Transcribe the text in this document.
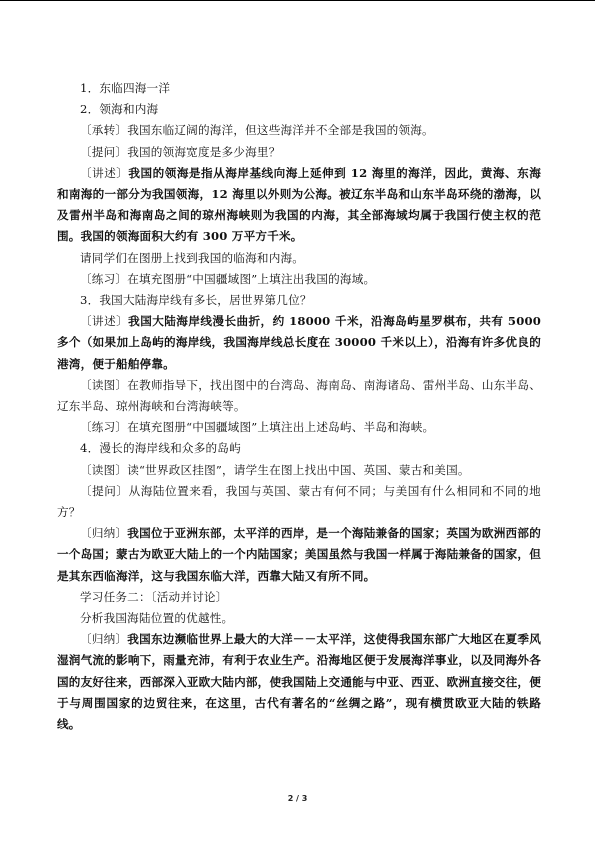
1．东临四海一洋

2．领海和内海

〔承转〕我国东临辽阔的海洋，但这些海洋并不全部是我国的领海。

〔提问〕我国的领海宽度是多少海里？

〔讲述〕我国的领海是指从海岸基线向海上延伸到 12 海里的海洋，因此，黄海、东海和南海的一部分为我国领海，12 海里以外则为公海。被辽东半岛和山东半岛环绕的渤海，以及雷州半岛和海南岛之间的琼州海峡则为我国的内海，其全部海域均属于我国行使主权的范围。我国的领海面积大约有 300 万平方千米。

请同学们在图册上找到我国的临海和内海。

〔练习〕在填充图册“中国疆域图”上填注出我国的海域。

3．我国大陆海岸线有多长，居世界第几位？

〔讲述〕我国大陆海岸线漫长曲折，约 18000 千米，沿海岛屿星罗棋布，共有 5000 多个（如果加上岛屿的海岸线，我国海岸线总长度在 30000 千米以上），沿海有许多优良的港湾，便于船舶停靠。

〔读图〕在教师指导下，找出图中的台湾岛、海南岛、南海诸岛、雷州半岛、山东半岛、辽东半岛、琼州海峡和台湾海峡等。

〔练习〕在填充图册“中国疆域图”上填注出上述岛屿、半岛和海峡。

4．漫长的海岸线和众多的岛屿

〔读图〕读“世界政区挂图”，请学生在图上找出中国、英国、蒙古和美国。

〔提问〕从海陆位置来看，我国与英国、蒙古有何不同；与美国有什么相同和不同的地方？

〔归纳〕我国位于亚洲东部，太平洋的西岸，是一个海陆兼备的国家；英国为欧洲西部的一个岛国；蒙古为欧亚大陆上的一个内陆国家；美国虽然与我国一样属于海陆兼备的国家，但是其东西临海洋，这与我国东临大洋，西靠大陆又有所不同。

学习任务二：〔活动并讨论〕

分析我国海陆位置的优越性。

〔归纳〕我国东边濒临世界上最大的大洋－－太平洋，这使得我国东部广大地区在夏季风湿润气流的影响下，雨量充沛，有利于农业生产。沿海地区便于发展海洋事业，以及同海外各国的友好往来，西部深入亚欧大陆内部，使我国陆上交通能与中亚、西亚、欧洲直接交往，便于与周围国家的边贸往来，在这里，古代有著名的“丝绸之路”，现有横贯欧亚大陆的铁路线。

2 / 3
